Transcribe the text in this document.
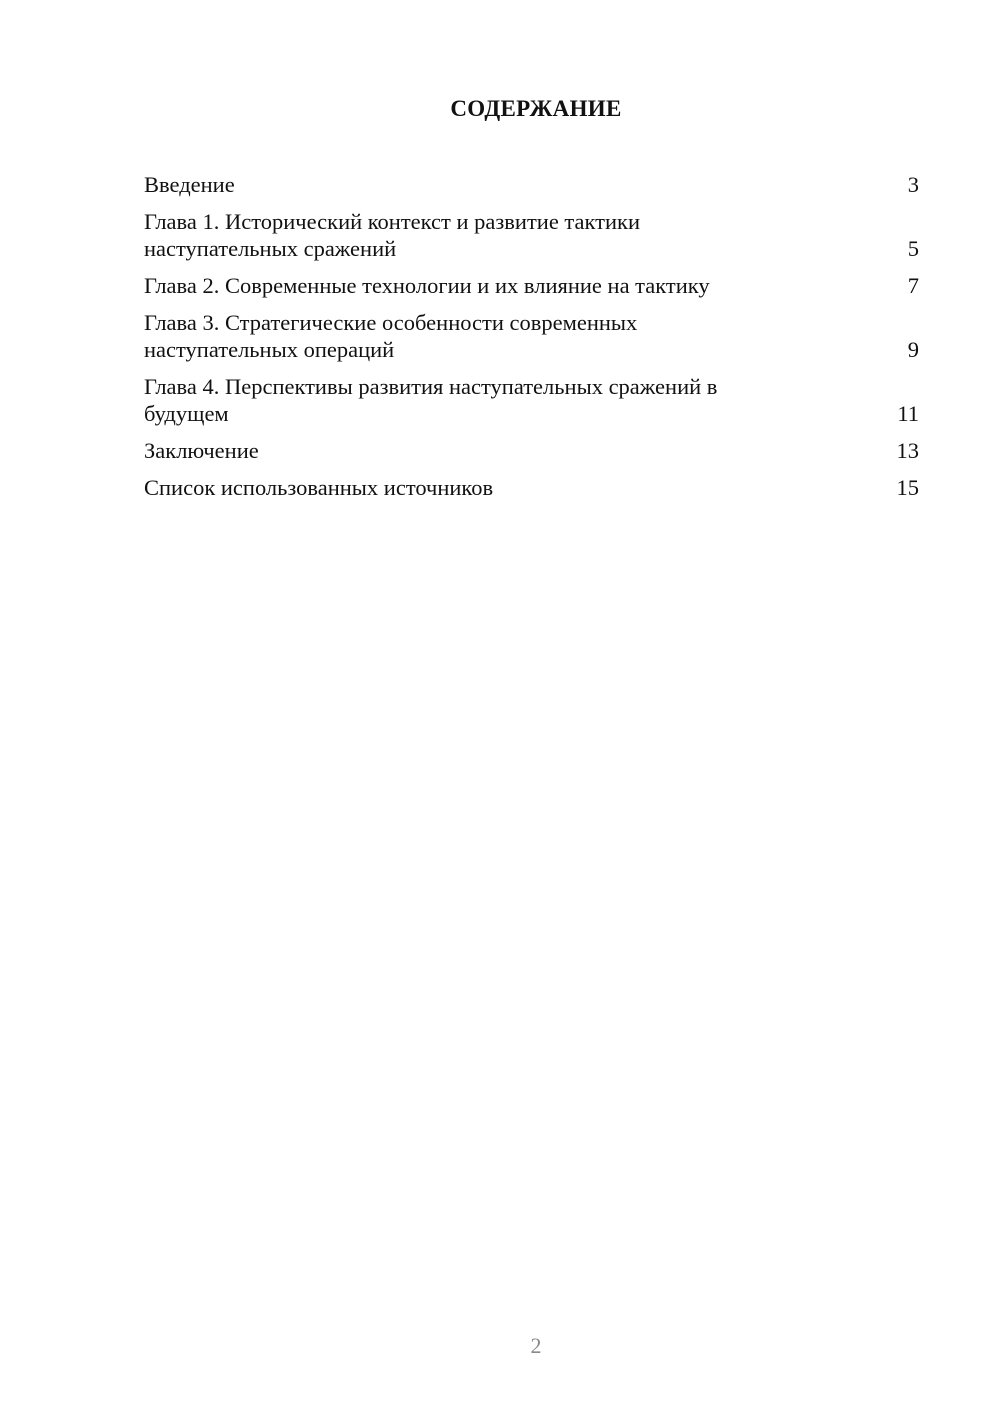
СОДЕРЖАНИЕ
Введение	3
Глава 1. Исторический контекст и развитие тактики
наступательных сражений	5
Глава 2. Современные технологии и их влияние на тактику	7
Глава 3. Стратегические особенности современных
наступательных операций	9
Глава 4. Перспективы развития наступательных сражений в
будущем	11
Заключение	13
Список использованных источников	15
2
